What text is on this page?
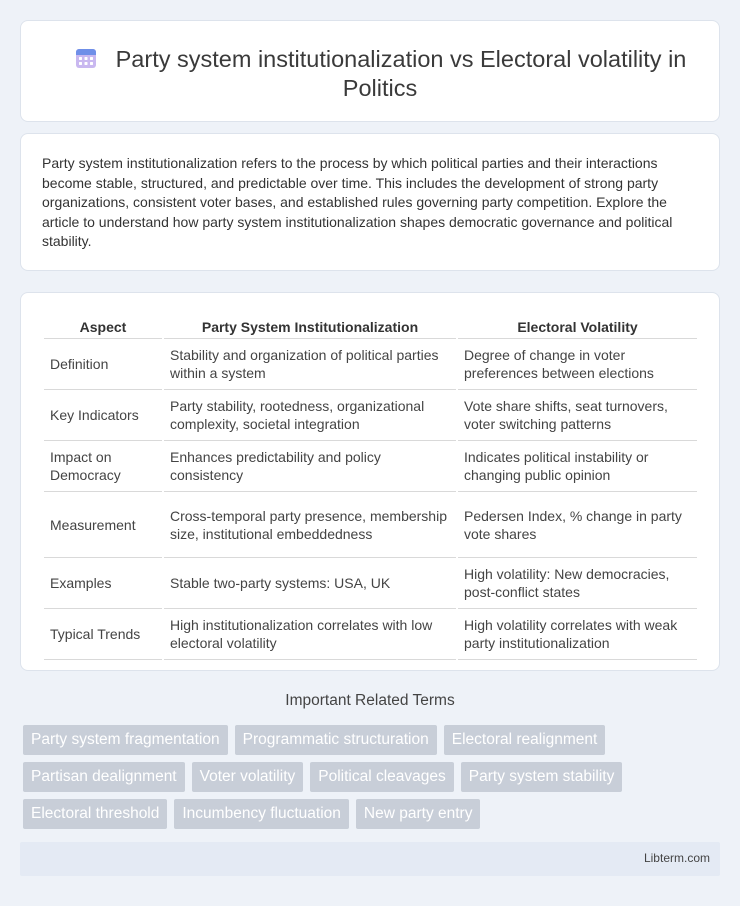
Party system institutionalization vs Electoral volatility in Politics

Party system institutionalization refers to the process by which political parties and their interactions become stable, structured, and predictable over time. This includes the development of strong party organizations, consistent voter bases, and established rules governing party competition. Explore the article to understand how party system institutionalization shapes democratic governance and political stability.

Aspect	Party System Institutionalization	Electoral Volatility
Definition	Stability and organization of political parties within a system	Degree of change in voter preferences between elections
Key Indicators	Party stability, rootedness, organizational complexity, societal integration	Vote share shifts, seat turnovers, voter switching patterns
Impact on Democracy	Enhances predictability and policy consistency	Indicates political instability or changing public opinion
Measurement	Cross-temporal party presence, membership size, institutional embeddedness	Pedersen Index, % change in party vote shares
Examples	Stable two-party systems: USA, UK	High volatility: New democracies, post-conflict states
Typical Trends	High institutionalization correlates with low electoral volatility	High volatility correlates with weak party institutionalization
Important Related Terms
Party system fragmentation	Programmatic structuration	Electoral realignment
Partisan dealignment	Voter volatility	Political cleavages	Party system stability
Electoral threshold	Incumbency fluctuation	New party entry
Libterm.com
